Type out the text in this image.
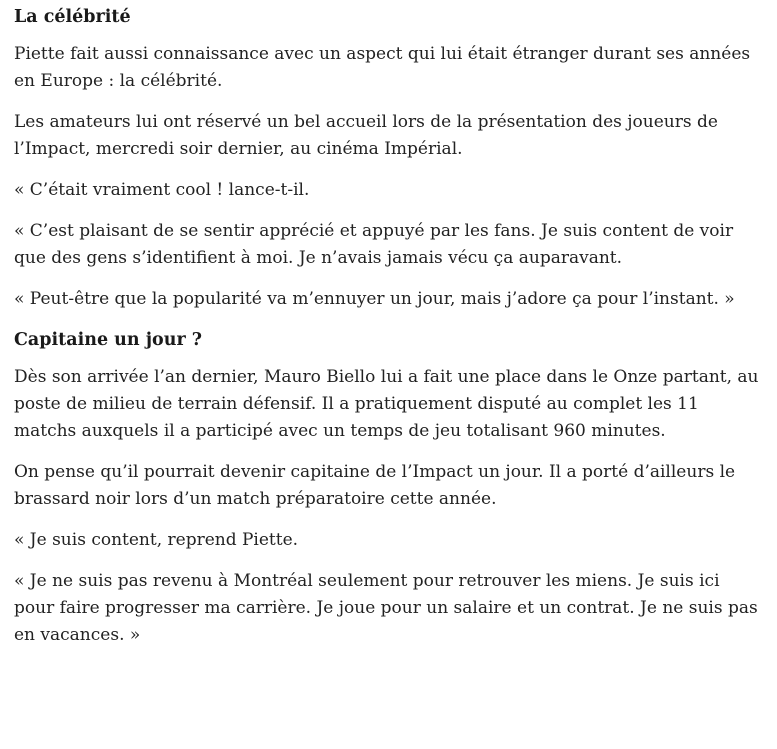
La célébrité

Piette fait aussi connaissance avec un aspect qui lui était étranger durant ses années en Europe : la célébrité.

Les amateurs lui ont réservé un bel accueil lors de la présentation des joueurs de l’Impact, mercredi soir dernier, au cinéma Impérial.

« C’était vraiment cool ! lance-t-il.

« C’est plaisant de se sentir apprécié et appuyé par les fans. Je suis content de voir que des gens s’identifient à moi. Je n’avais jamais vécu ça auparavant.

« Peut-être que la popularité va m’ennuyer un jour, mais j’adore ça pour l’instant. »

Capitaine un jour ?

Dès son arrivée l’an dernier, Mauro Biello lui a fait une place dans le Onze partant, au poste de milieu de terrain défensif. Il a pratiquement disputé au complet les 11 matchs auxquels il a participé avec un temps de jeu totalisant 960 minutes.

On pense qu’il pourrait devenir capitaine de l’Impact un jour. Il a porté d’ailleurs le brassard noir lors d’un match préparatoire cette année.

« Je suis content, reprend Piette.

« Je ne suis pas revenu à Montréal seulement pour retrouver les miens. Je suis ici pour faire progresser ma carrière. Je joue pour un salaire et un contrat. Je ne suis pas en vacances. »
